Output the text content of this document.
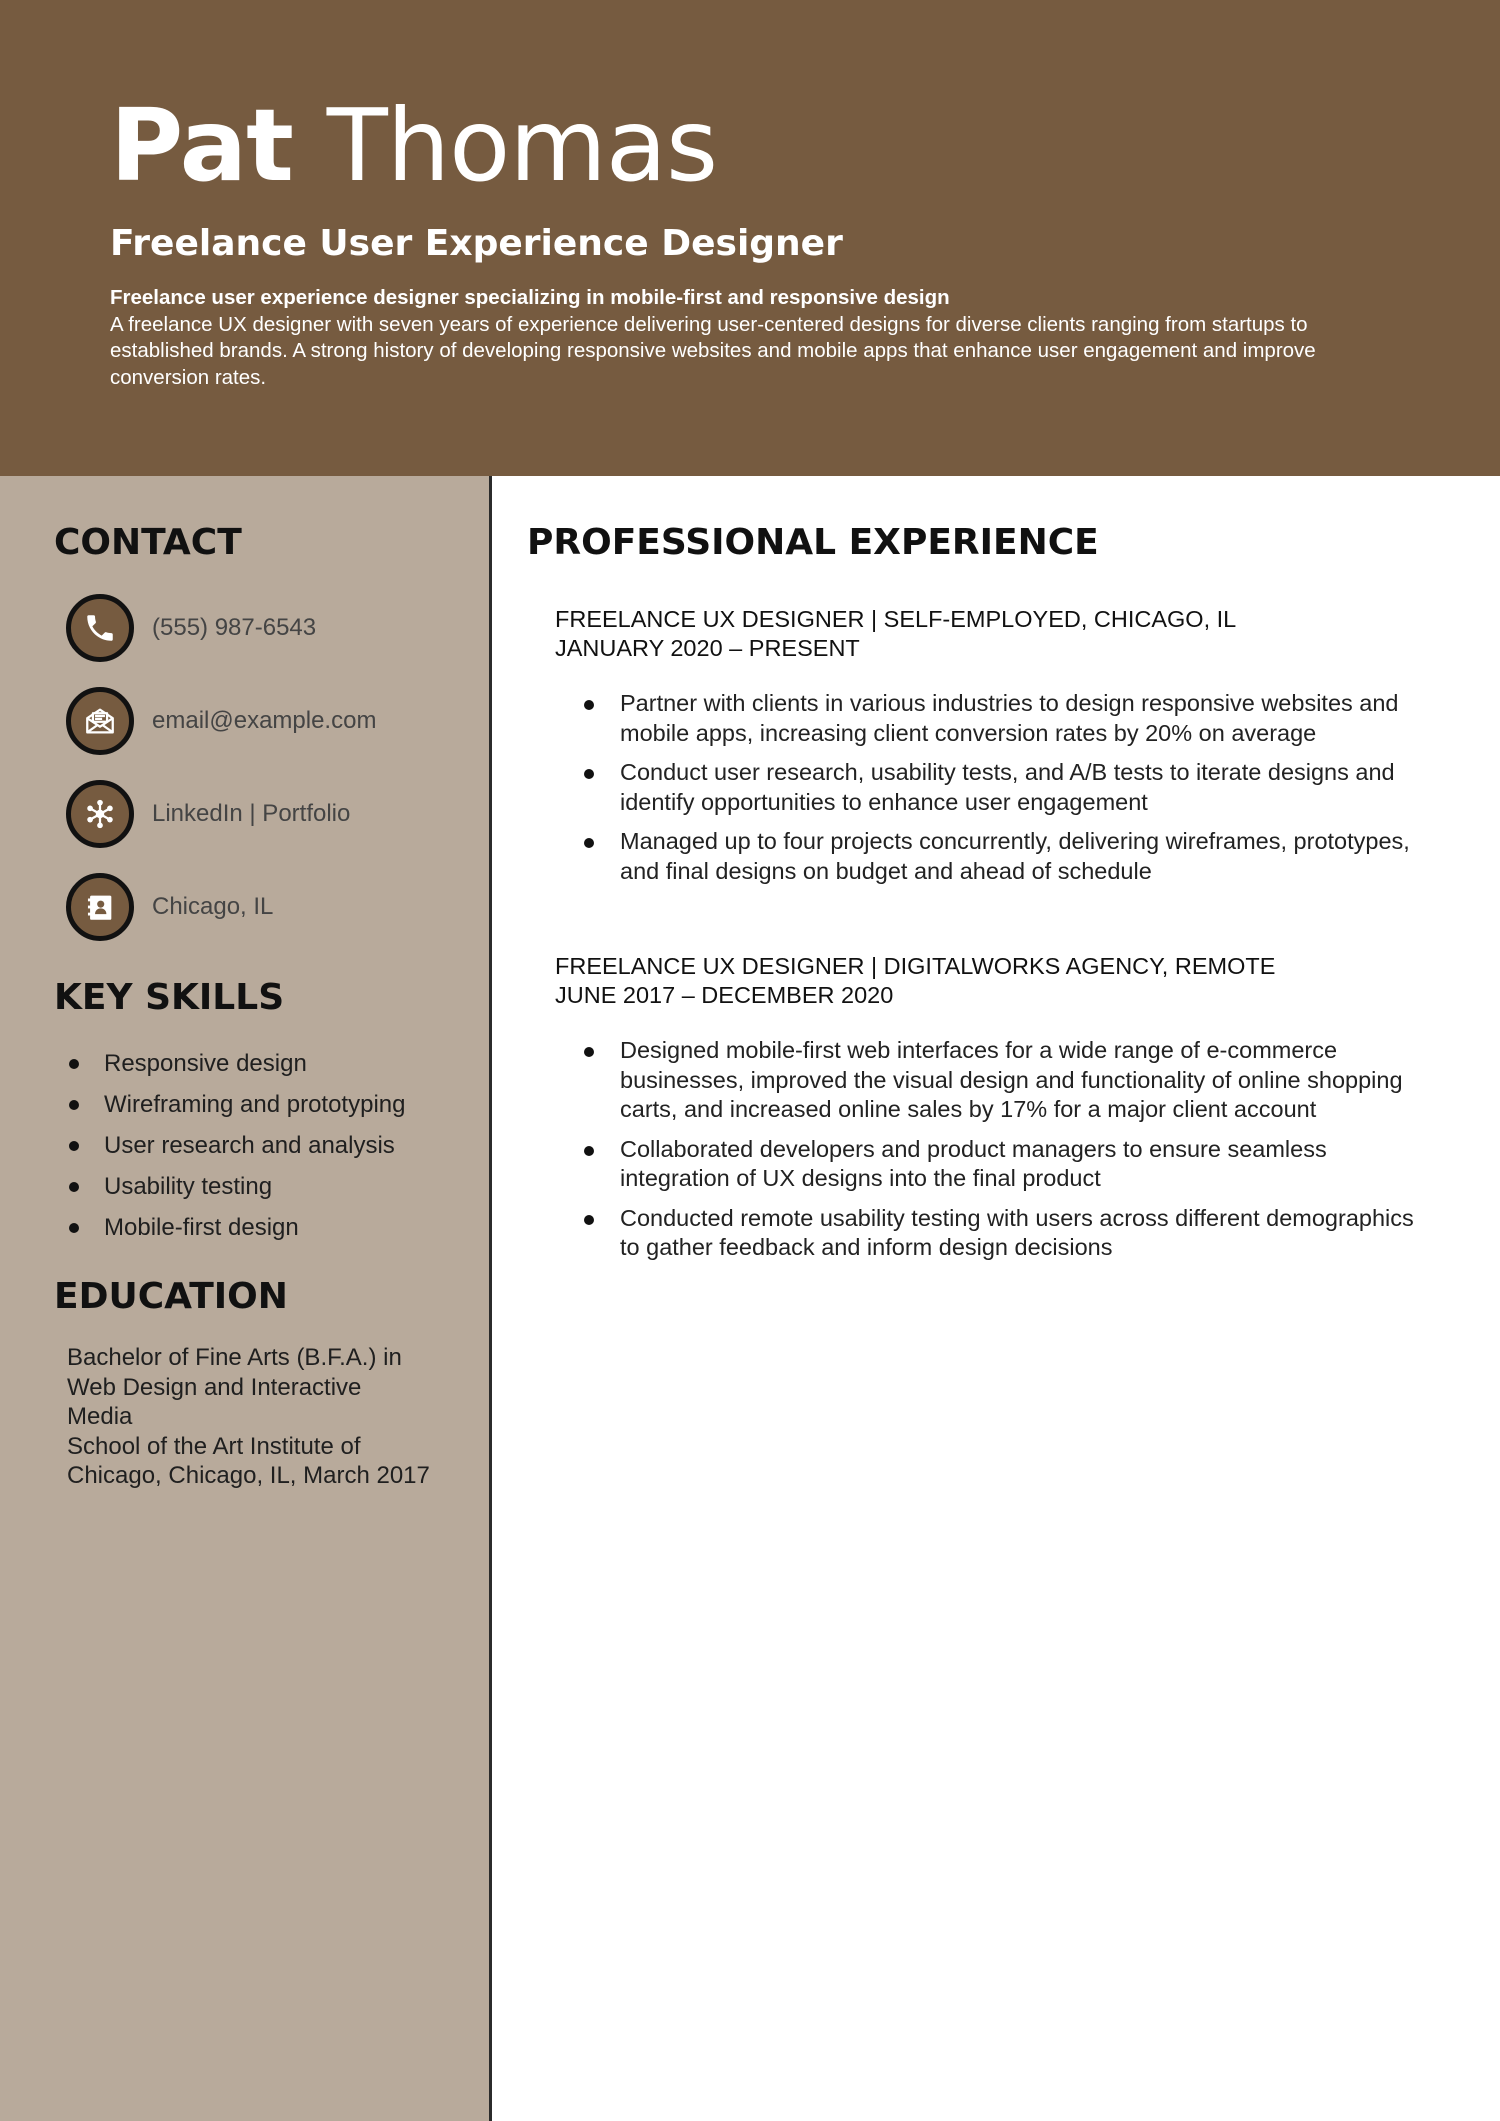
Pat Thomas
Freelance User Experience Designer
Freelance user experience designer specializing in mobile-first and responsive design
A freelance UX designer with seven years of experience delivering user-centered designs for diverse clients ranging from startups to established brands. A strong history of developing responsive websites and mobile apps that enhance user engagement and improve conversion rates.
CONTACT
(555) 987-6543
email@example.com
LinkedIn | Portfolio
Chicago, IL
KEY SKILLS
Responsive design
Wireframing and prototyping
User research and analysis
Usability testing
Mobile-first design
EDUCATION
Bachelor of Fine Arts (B.F.A.) in
Web Design and Interactive
Media
School of the Art Institute of
Chicago, Chicago, IL, March 2017
PROFESSIONAL EXPERIENCE
FREELANCE UX DESIGNER | SELF-EMPLOYED, CHICAGO, IL
JANUARY 2020 – PRESENT
Partner with clients in various industries to design responsive websites and mobile apps, increasing client conversion rates by 20% on average
Conduct user research, usability tests, and A/B tests to iterate designs and identify opportunities to enhance user engagement
Managed up to four projects concurrently, delivering wireframes, prototypes, and final designs on budget and ahead of schedule
FREELANCE UX DESIGNER | DIGITALWORKS AGENCY, REMOTE
JUNE 2017 – DECEMBER 2020
Designed mobile-first web interfaces for a wide range of e-commerce businesses, improved the visual design and functionality of online shopping carts, and increased online sales by 17% for a major client account
Collaborated developers and product managers to ensure seamless integration of UX designs into the final product
Conducted remote usability testing with users across different demographics to gather feedback and inform design decisions
